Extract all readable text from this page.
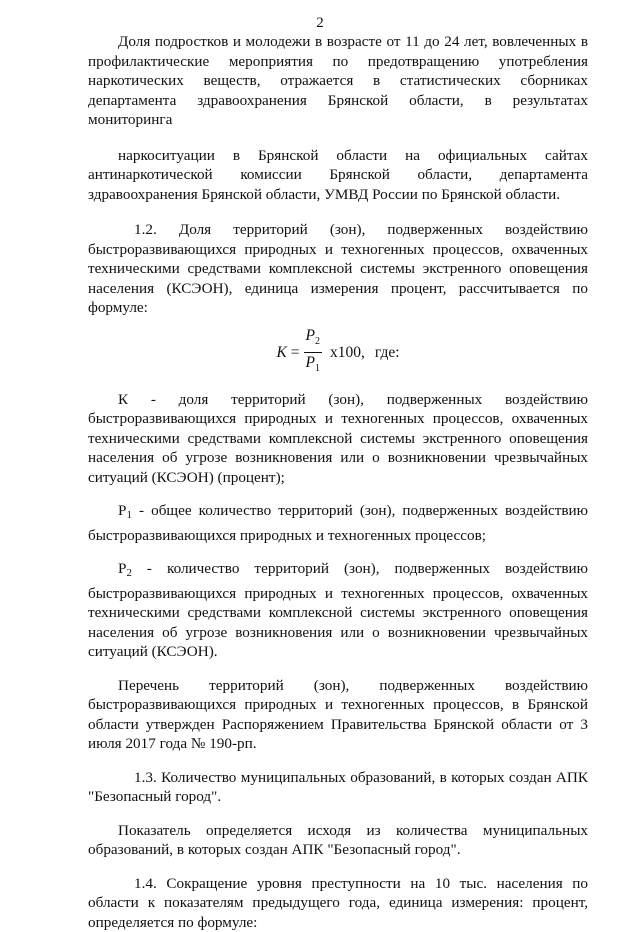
2

Доля подростков и молодежи в возрасте от 11 до 24 лет, вовлеченных в профилактические мероприятия по предотвращению употребления наркотических веществ, отражается в статистических сборниках департамента здравоохранения Брянской области, в результатах мониторинга

наркоситуации в Брянской области на официальных сайтах антинаркотической комиссии Брянской области, департамента здравоохранения Брянской области, УМВД России по Брянской области.

1.2. Доля территорий (зон), подверженных воздействию быстроразвивающихся природных и техногенных процессов, охваченных техническими средствами комплексной системы экстренного оповещения населения (КСЭОН), единица измерения процент, рассчитывается по формуле:

$K = \frac{P_2}{P_1} x100$, где:

К - доля территорий (зон), подверженных воздействию быстроразвивающихся природных и техногенных процессов, охваченных техническими средствами комплексной системы экстренного оповещения населения об угрозе возникновения или о возникновении чрезвычайных ситуаций (КСЭОН) (процент);

$Р_1$ - общее количество территорий (зон), подверженных воздействию быстроразвивающихся природных и техногенных процессов;

$Р_2$ - количество территорий (зон), подверженных воздействию быстроразвивающихся природных и техногенных процессов, охваченных техническими средствами комплексной системы экстренного оповещения населения об угрозе возникновения или о возникновении чрезвычайных ситуаций (КСЭОН).

Перечень территорий (зон), подверженных воздействию быстроразвивающихся природных и техногенных процессов, в Брянской области утвержден Распоряжением Правительства Брянской области от 3 июля 2017 года № 190-рп.

1.3. Количество муниципальных образований, в которых создан АПК "Безопасный город".

Показатель определяется исходя из количества муниципальных образований, в которых создан АПК "Безопасный город".

1.4. Сокращение уровня преступности на 10 тыс. населения по области к показателям предыдущего года, единица измерения: процент, определяется по формуле:
